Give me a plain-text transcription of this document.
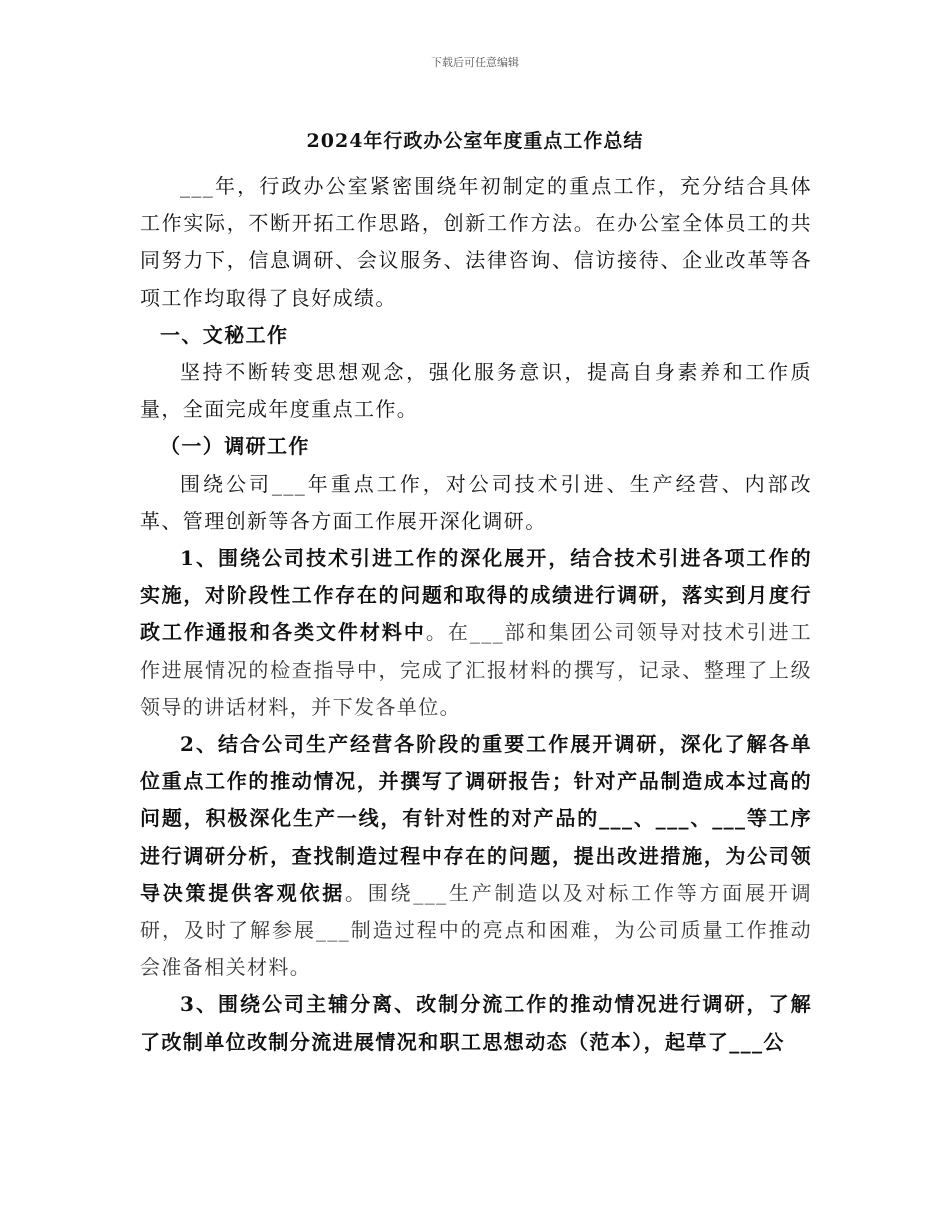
下载后可任意编辑
2024年行政办公室年度重点工作总结

___年，行政办公室紧密围绕年初制定的重点工作，充分结合具体工作实际，不断开拓工作思路，创新工作方法。在办公室全体员工的共同努力下，信息调研、会议服务、法律咨询、信访接待、企业改革等各项工作均取得了良好成绩。

一、文秘工作

坚持不断转变思想观念，强化服务意识，提高自身素养和工作质量，全面完成年度重点工作。

（一）调研工作

围绕公司___年重点工作，对公司技术引进、生产经营、内部改革、管理创新等各方面工作展开深化调研。

1、围绕公司技术引进工作的深化展开，结合技术引进各项工作的实施，对阶段性工作存在的问题和取得的成绩进行调研，落实到月度行政工作通报和各类文件材料中。在___部和集团公司领导对技术引进工作进展情况的检查指导中，完成了汇报材料的撰写，记录、整理了上级领导的讲话材料，并下发各单位。

2、结合公司生产经营各阶段的重要工作展开调研，深化了解各单位重点工作的推动情况，并撰写了调研报告；针对产品制造成本过高的问题，积极深化生产一线，有针对性的对产品的___、___、___等工序进行调研分析，查找制造过程中存在的问题，提出改进措施，为公司领导决策提供客观依据。围绕___生产制造以及对标工作等方面展开调研，及时了解参展___制造过程中的亮点和困难，为公司质量工作推动会准备相关材料。

3、围绕公司主辅分离、改制分流工作的推动情况进行调研，了解了改制单位改制分流进展情况和职工思想动态（范本），起草了___公
